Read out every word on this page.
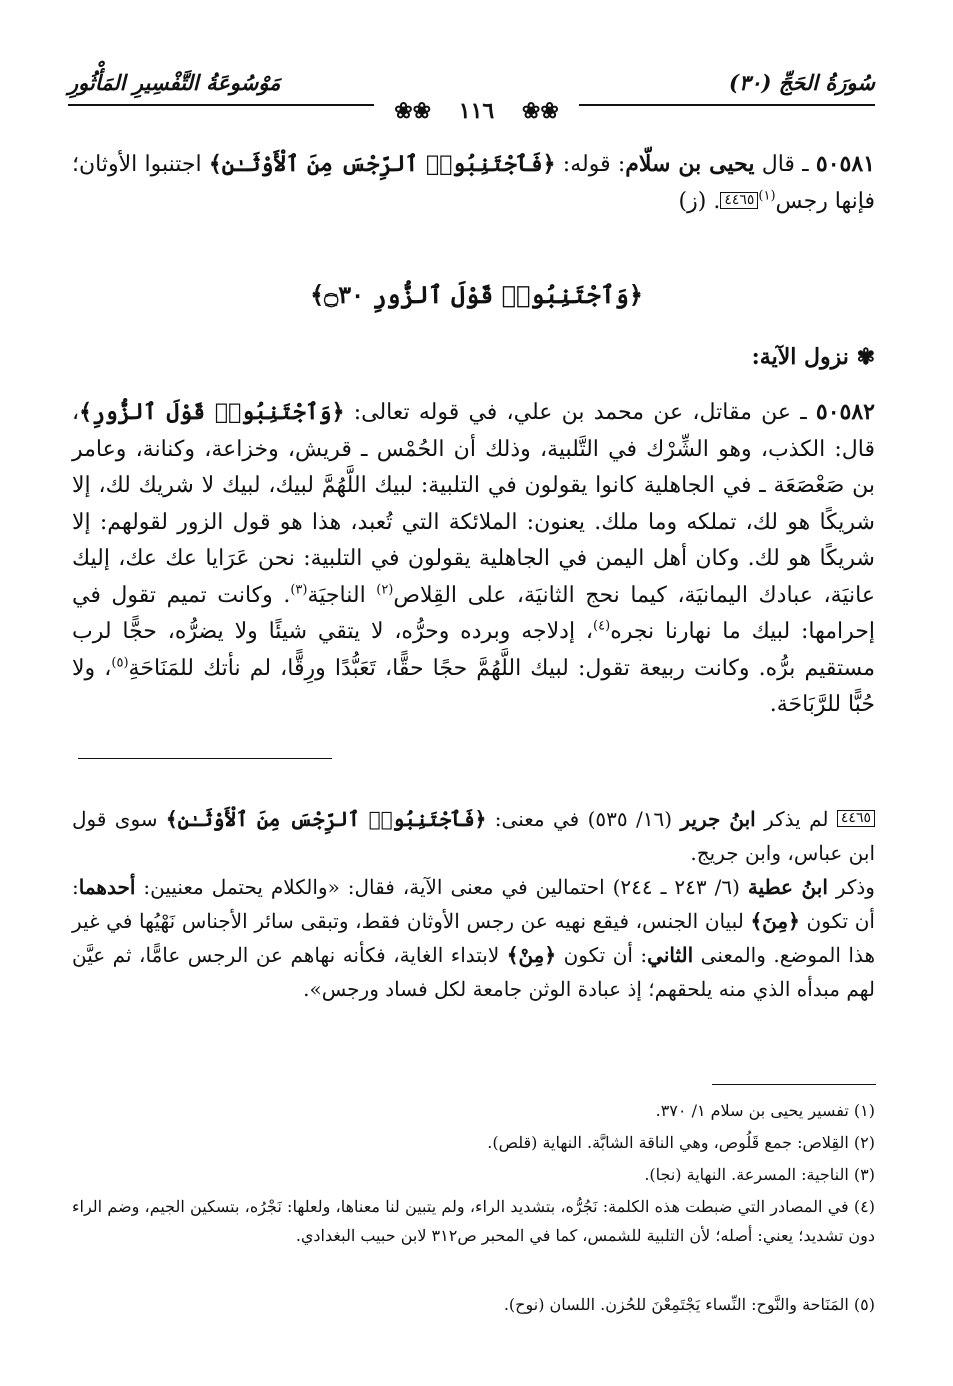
سُورَةُ الحَجِّ (٣٠)
مَوْسُوعَةُ التَّفْسِيرِ المَأْثُورِ
❀❀ ١١٦ ❀❀
٥٠٥٨١ ـ قال يحيى بن سلّام: قوله: ﴿فَٱجْتَنِبُوا۟ ٱلرِّجْسَ مِنَ ٱلْأَوْثَـٰنِ﴾ اجتنبوا الأوثان؛ فإنها رجس$^{(١)}$٤٤٦٥. (ز)
﴿وَٱجْتَنِبُوا۟ قَوْلَ ٱلزُّورِ ۝٣٠﴾
✾ نزول الآية:
٥٠٥٨٢ ـ عن مقاتل، عن محمد بن علي، في قوله تعالى: ﴿وَٱجْتَنِبُوا۟ قَوْلَ ٱلزُّورِ﴾، قال: الكذب، وهو الشِّرْك في التَّلبية، وذلك أن الحُمْس ـ قريش، وخزاعة، وكنانة، وعامر بن صَعْصَعَة ـ في الجاهلية كانوا يقولون في التلبية: لبيك اللَّهُمَّ لبيك، لبيك لا شريك لك، إلا شريكًا هو لك، تملكه وما ملك. يعنون: الملائكة التي تُعبد، هذا هو قول الزور لقولهم: إلا شريكًا هو لك. وكان أهل اليمن في الجاهلية يقولون في التلبية: نحن عَرَايا عك عك، إليك عانيَة، عبادك اليمانيَة، كيما نحج الثانيَة، على القِلاص$^{(٢)}$ الناجيَة$^{(٣)}$. وكانت تميم تقول في إحرامها: لبيك ما نهارنا نجره$^{(٤)}$، إدلاجه وبرده وحرُّه، لا يتقي شيئًا ولا يضرُّه، حجًّا لرب مستقيم برُّه. وكانت ربيعة تقول: لبيك اللَّهُمَّ حجًا حقًّا، تَعَبُّدًا ورِقًّا، لم نأتك للمَنَاحَةِ$^{(٥)}$، ولا حُبًّا للرَّبَاحَة.
٤٤٦٥ لم يذكر ابنُ جرير (١٦/ ٥٣٥) في معنى: ﴿فَٱجْتَنِبُوا۟ ٱلرِّجْسَ مِنَ ٱلْأَوْثَـٰنِ﴾ سوى قول ابن عباس، وابن جريج.
وذكر ابنُ عطية (٦/ ٢٤٣ ـ ٢٤٤) احتمالين في معنى الآية، فقال: «والكلام يحتمل معنيين: أحدهما: أن تكون ﴿مِنَ﴾ لبيان الجنس، فيقع نهيه عن رجس الأوثان فقط، وتبقى سائر الأجناس نَهْيُها في غير هذا الموضع. والمعنى الثاني: أن تكون ﴿مِنْ﴾ لابتداء الغاية، فكأنه نهاهم عن الرجس عامًّا، ثم عيَّن لهم مبدأه الذي منه يلحقهم؛ إذ عبادة الوثن جامعة لكل فساد ورجس».
(١) تفسير يحيى بن سلام ١/ ٣٧٠.
(٢) القِلاص: جمع قَلُوص، وهي الناقة الشابَّة. النهاية (قلص).
(٣) الناجية: المسرعة. النهاية (نجا).
(٤) في المصادر التي ضبطت هذه الكلمة: نَجُرُّه، بتشديد الراء، ولم يتبين لنا معناها، ولعلها: نَجْرُه، بتسكين الجيم، وضم الراء دون تشديد؛ يعني: أصله؛ لأن التلبية للشمس، كما في المحبر ص٣١٢ لابن حبيب البغدادي.
(٥) المَنَاحة والنَّوح: النِّساء يَجْتَمِعْنَ للحُزن. اللسان (نوح).
